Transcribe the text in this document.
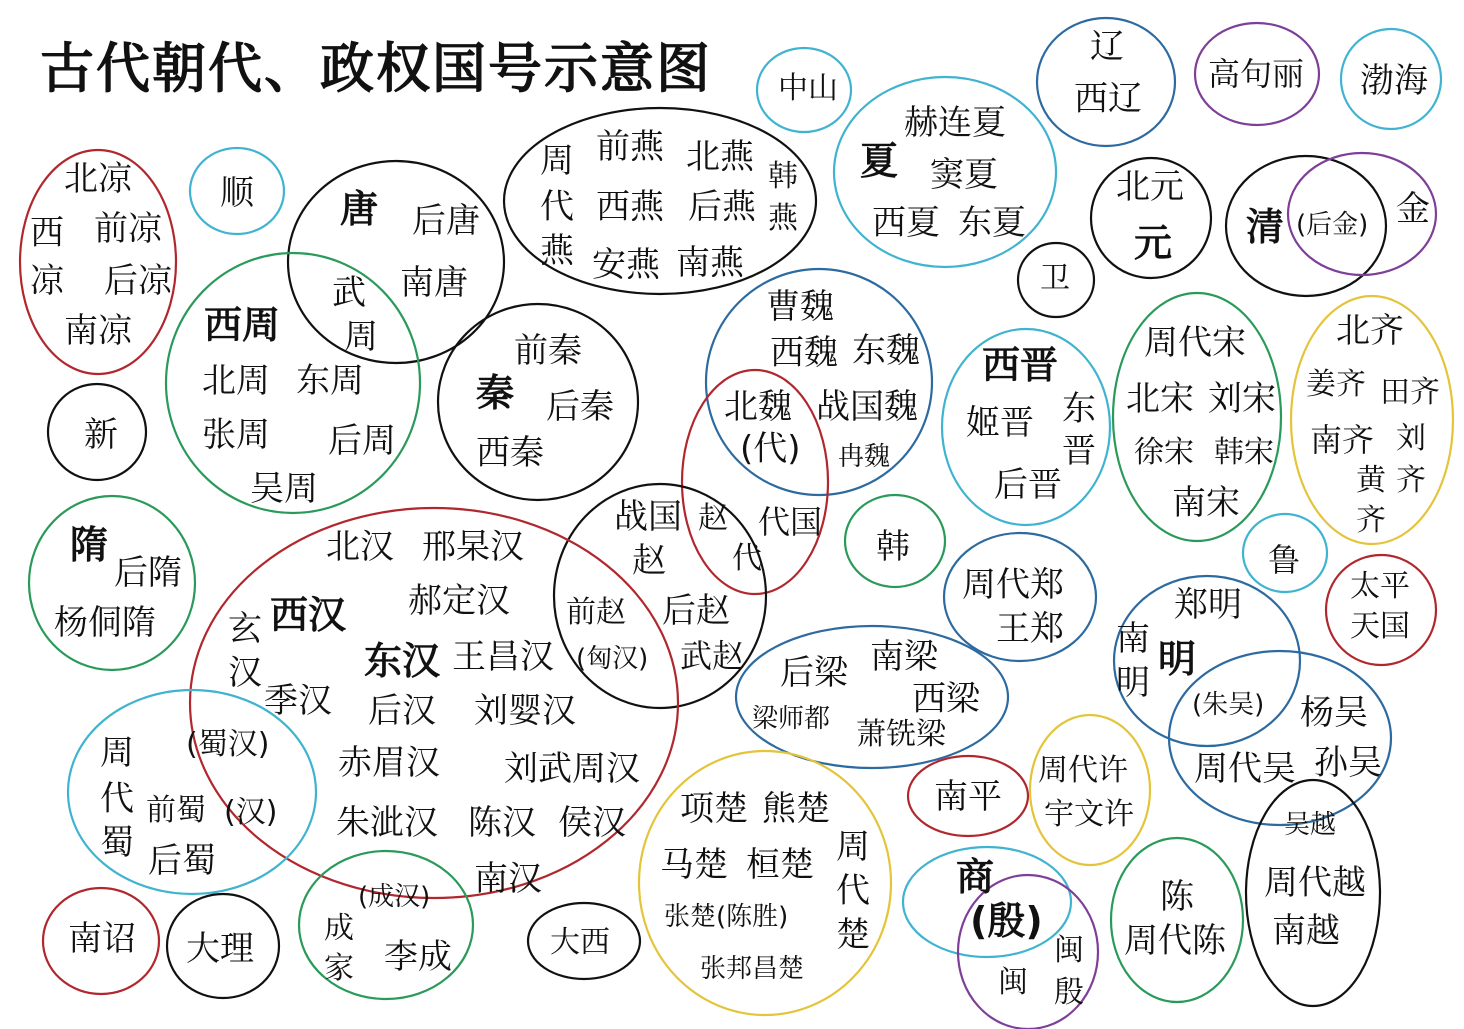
古代朝代、政权国号示意图
北凉
西 前凉
凉 后凉
南凉
顺 唐 后唐
南唐
武
周
西周
北周 东周
张周 后周
吴周
新
隋
后隋
杨侗隋
周
代
燕
前燕 北燕
西燕 后燕
安燕 南燕
韩
燕
前秦
秦 后秦
西秦
中山
赫连夏
夏 窦夏
西夏 东夏
辽
西辽
高句丽 渤海
北元
元
卫
清 (后金) 金
曹魏
西魏 东魏
北魏 战国魏
(代) 冉魏
西晋
姬晋 东
晋
后晋
周代宋
北宋 刘宋
徐宋 韩宋
南宋
北齐
姜齐 田齐
南齐 刘
黄 齐
齐
战国
赵
赵
代
代国
前赵 后赵
(匈汉) 武赵
韩
周代郑
王郑
鲁
太平
天国
郑明
南
明
明
(朱吴) 杨吴
周代吴 孙吴
北汉 邢杲汉
玄
汉
西汉 郝定汉
东汉 王昌汉
季汉 后汉 刘婴汉
赤眉汉 刘武周汉
朱泚汉 陈汉 侯汉
南汉
(蜀汉)
(汉)
周
代
蜀
前蜀
后蜀
后梁 南梁
西梁
梁师都 萧铣梁
项楚 熊楚
周
代
楚
马楚 桓楚
张楚(陈胜)
张邦昌楚
南平
周代许
宇文许	吴越
周代越
南越
商
(殷)
闽
闽 殷
陈
周代陈
南诏 大理
(成汉)
成
家 李成	大西
